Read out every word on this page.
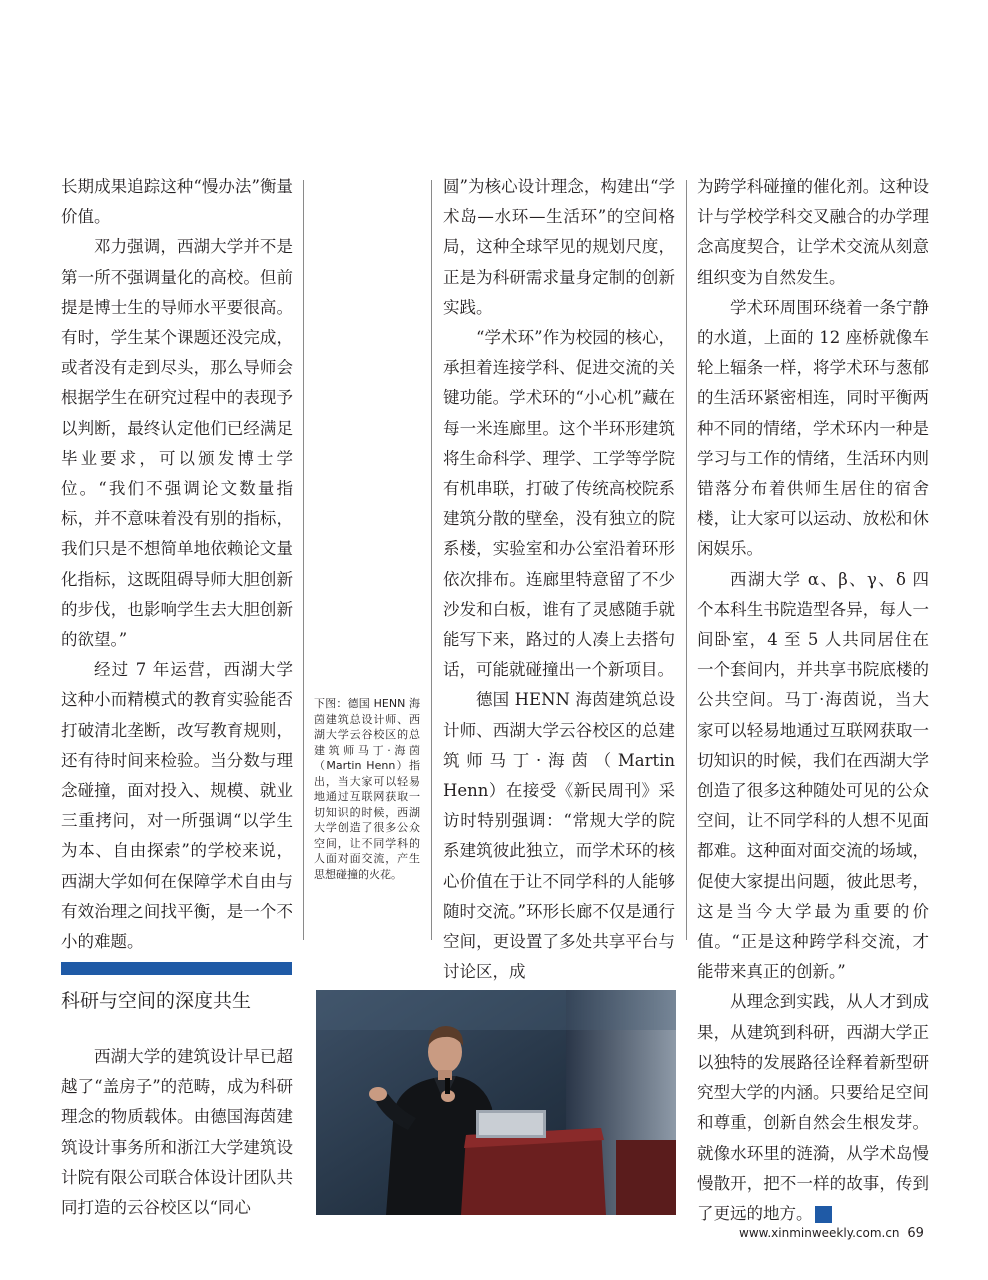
长期成果追踪这种“慢办法”衡量价值。

邓力强调，西湖大学并不是第一所不强调量化的高校。但前提是博士生的导师水平要很高。有时，学生某个课题还没完成，或者没有走到尽头，那么导师会根据学生在研究过程中的表现予以判断，最终认定他们已经满足毕业要求，可以颁发博士学位。“我们不强调论文数量指标，并不意味着没有别的指标，我们只是不想简单地依赖论文量化指标，这既阻碍导师大胆创新的步伐，也影响学生去大胆创新的欲望。”

经过 7 年运营，西湖大学这种小而精模式的教育实验能否打破清北垄断，改写教育规则，还有待时间来检验。当分数与理念碰撞，面对投入、规模、就业三重拷问，对一所强调“以学生为本、自由探索”的学校来说，西湖大学如何在保障学术自由与有效治理之间找平衡，是一个不小的难题。

下图：德国 HENN 海茵建筑总设计师、西湖大学云谷校区的总建筑师马丁·海茵（Martin Henn）指出，当大家可以轻易地通过互联网获取一切知识的时候，西湖大学创造了很多公众空间，让不同学科的人面对面交流，产生思想碰撞的火花。

圆”为核心设计理念，构建出“学术岛—水环—生活环”的空间格局，这种全球罕见的规划尺度，正是为科研需求量身定制的创新实践。

“学术环”作为校园的核心，承担着连接学科、促进交流的关键功能。学术环的“小心机”藏在每一米连廊里。这个半环形建筑将生命科学、理学、工学等学院有机串联，打破了传统高校院系建筑分散的壁垒，没有独立的院系楼，实验室和办公室沿着环形依次排布。连廊里特意留了不少沙发和白板，谁有了灵感随手就能写下来，路过的人凑上去搭句话，可能就碰撞出一个新项目。

德国 HENN 海茵建筑总设计师、西湖大学云谷校区的总建筑师马丁·海茵（Martin Henn）在接受《新民周刊》采访时特别强调：“常规大学的院系建筑彼此独立，而学术环的核心价值在于让不同学科的人能够随时交流。”环形长廊不仅是通行空间，更设置了多处共享平台与讨论区，成

为跨学科碰撞的催化剂。这种设计与学校学科交叉融合的办学理念高度契合，让学术交流从刻意组织变为自然发生。

学术环周围环绕着一条宁静的水道，上面的 12 座桥就像车轮上辐条一样，将学术环与葱郁的生活环紧密相连，同时平衡两种不同的情绪，学术环内一种是学习与工作的情绪，生活环内则错落分布着供师生居住的宿舍楼，让大家可以运动、放松和休闲娱乐。

西湖大学 α、β、γ、δ 四个本科生书院造型各异，每人一间卧室，4 至 5 人共同居住在一个套间内，并共享书院底楼的公共空间。马丁·海茵说，当大家可以轻易地通过互联网获取一切知识的时候，我们在西湖大学创造了很多这种随处可见的公众空间，让不同学科的人想不见面都难。这种面对面交流的场域，促使大家提出问题，彼此思考，这是当今大学最为重要的价值。“正是这种跨学科交流，才能带来真正的创新。”

从理念到实践，从人才到成果，从建筑到科研，西湖大学正以独特的发展路径诠释着新型研究型大学的内涵。只要给足空间和尊重，创新自然会生根发芽。就像水环里的涟漪，从学术岛慢慢散开，把不一样的故事，传到了更远的地方。	民

科研与空间的深度共生

西湖大学的建筑设计早已超越了“盖房子”的范畴，成为科研理念的物质载体。由德国海茵建筑设计事务所和浙江大学建筑设计院有限公司联合体设计团队共同打造的云谷校区以“同心

www.xinminweekly.com.cn 69
